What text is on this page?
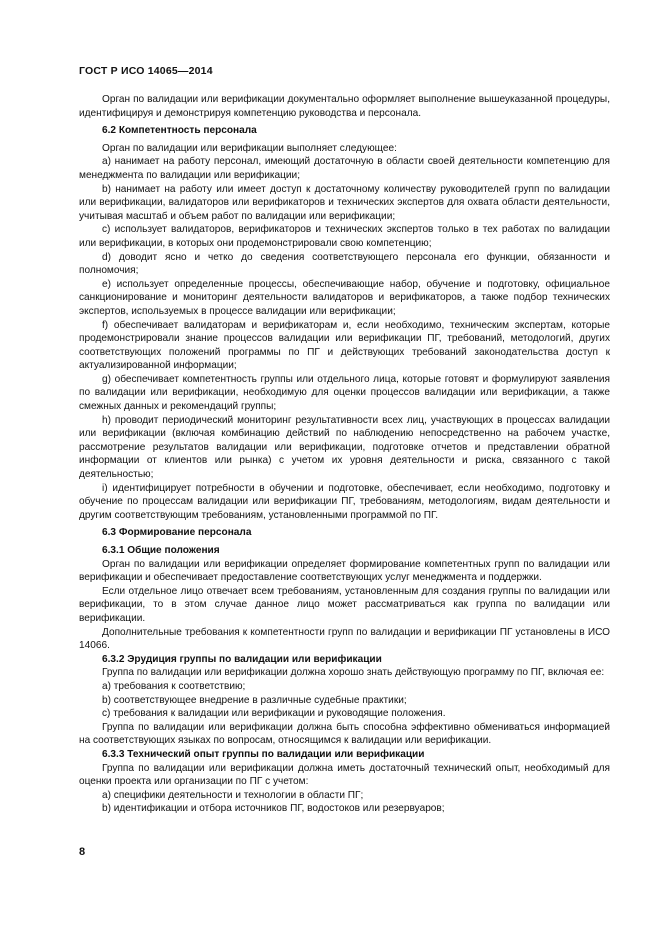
ГОСТ Р ИСО 14065—2014

Орган по валидации или верификации документально оформляет выполнение вышеуказанной процедуры, идентифицируя и демонстрируя компетенцию руководства и персонала.

6.2 Компетентность персонала

Орган по валидации или верификации выполняет следующее:

a) нанимает на работу персонал, имеющий достаточную в области своей деятельности компетенцию для менеджмента по валидации или верификации;

b) нанимает на работу или имеет доступ к достаточному количеству руководителей групп по валидации или верификации, валидаторов или верификаторов и технических экспертов для охвата области деятельности, учитывая масштаб и объем работ по валидации или верификации;

c) использует валидаторов, верификаторов и технических экспертов только в тех работах по валидации или верификации, в которых они продемонстрировали свою компетенцию;

d) доводит ясно и четко до сведения соответствующего персонала его функции, обязанности и полномочия;

e) использует определенные процессы, обеспечивающие набор, обучение и подготовку, официальное санкционирование и мониторинг деятельности валидаторов и верификаторов, а также подбор технических экспертов, используемых в процессе валидации или верификации;

f) обеспечивает валидаторам и верификаторам и, если необходимо, техническим экспертам, которые продемонстрировали знание процессов валидации или верификации ПГ, требований, методологий, других соответствующих положений программы по ПГ и действующих требований законодательства доступ к актуализированной информации;

g) обеспечивает компетентность группы или отдельного лица, которые готовят и формулируют заявления по валидации или верификации, необходимую для оценки процессов валидации или верификации, а также смежных данных и рекомендаций группы;

h) проводит периодический мониторинг результативности всех лиц, участвующих в процессах валидации или верификации (включая комбинацию действий по наблюдению непосредственно на рабочем участке, рассмотрение результатов валидации или верификации, подготовке отчетов и представлении обратной информации от клиентов или рынка) с учетом их уровня деятельности и риска, связанного с такой деятельностью;

i) идентифицирует потребности в обучении и подготовке, обеспечивает, если необходимо, подготовку и обучение по процессам валидации или верификации ПГ, требованиям, методологиям, видам деятельности и другим соответствующим требованиям, установленными программой по ПГ.

6.3 Формирование персонала

6.3.1 Общие положения

Орган по валидации или верификации определяет формирование компетентных групп по валидации или верификации и обеспечивает предоставление соответствующих услуг менеджмента и поддержки.

Если отдельное лицо отвечает всем требованиям, установленным для создания группы по валидации или верификации, то в этом случае данное лицо может рассматриваться как группа по валидации или верификации.

Дополнительные требования к компетентности групп по валидации и верификации ПГ установлены в ИСО 14066.

6.3.2 Эрудиция группы по валидации или верификации

Группа по валидации или верификации должна хорошо знать действующую программу по ПГ, включая ее:

a) требования к соответствию;

b) соответствующее внедрение в различные судебные практики;

c) требования к валидации или верификации и руководящие положения.

Группа по валидации или верификации должна быть способна эффективно обмениваться информацией на соответствующих языках по вопросам, относящимся к валидации или верификации.

6.3.3 Технический опыт группы по валидации или верификации

Группа по валидации или верификации должна иметь достаточный технический опыт, необходимый для оценки проекта или организации по ПГ с учетом:

a) специфики деятельности и технологии в области ПГ;

b) идентификации и отбора источников ПГ, водостоков или резервуаров;

8
